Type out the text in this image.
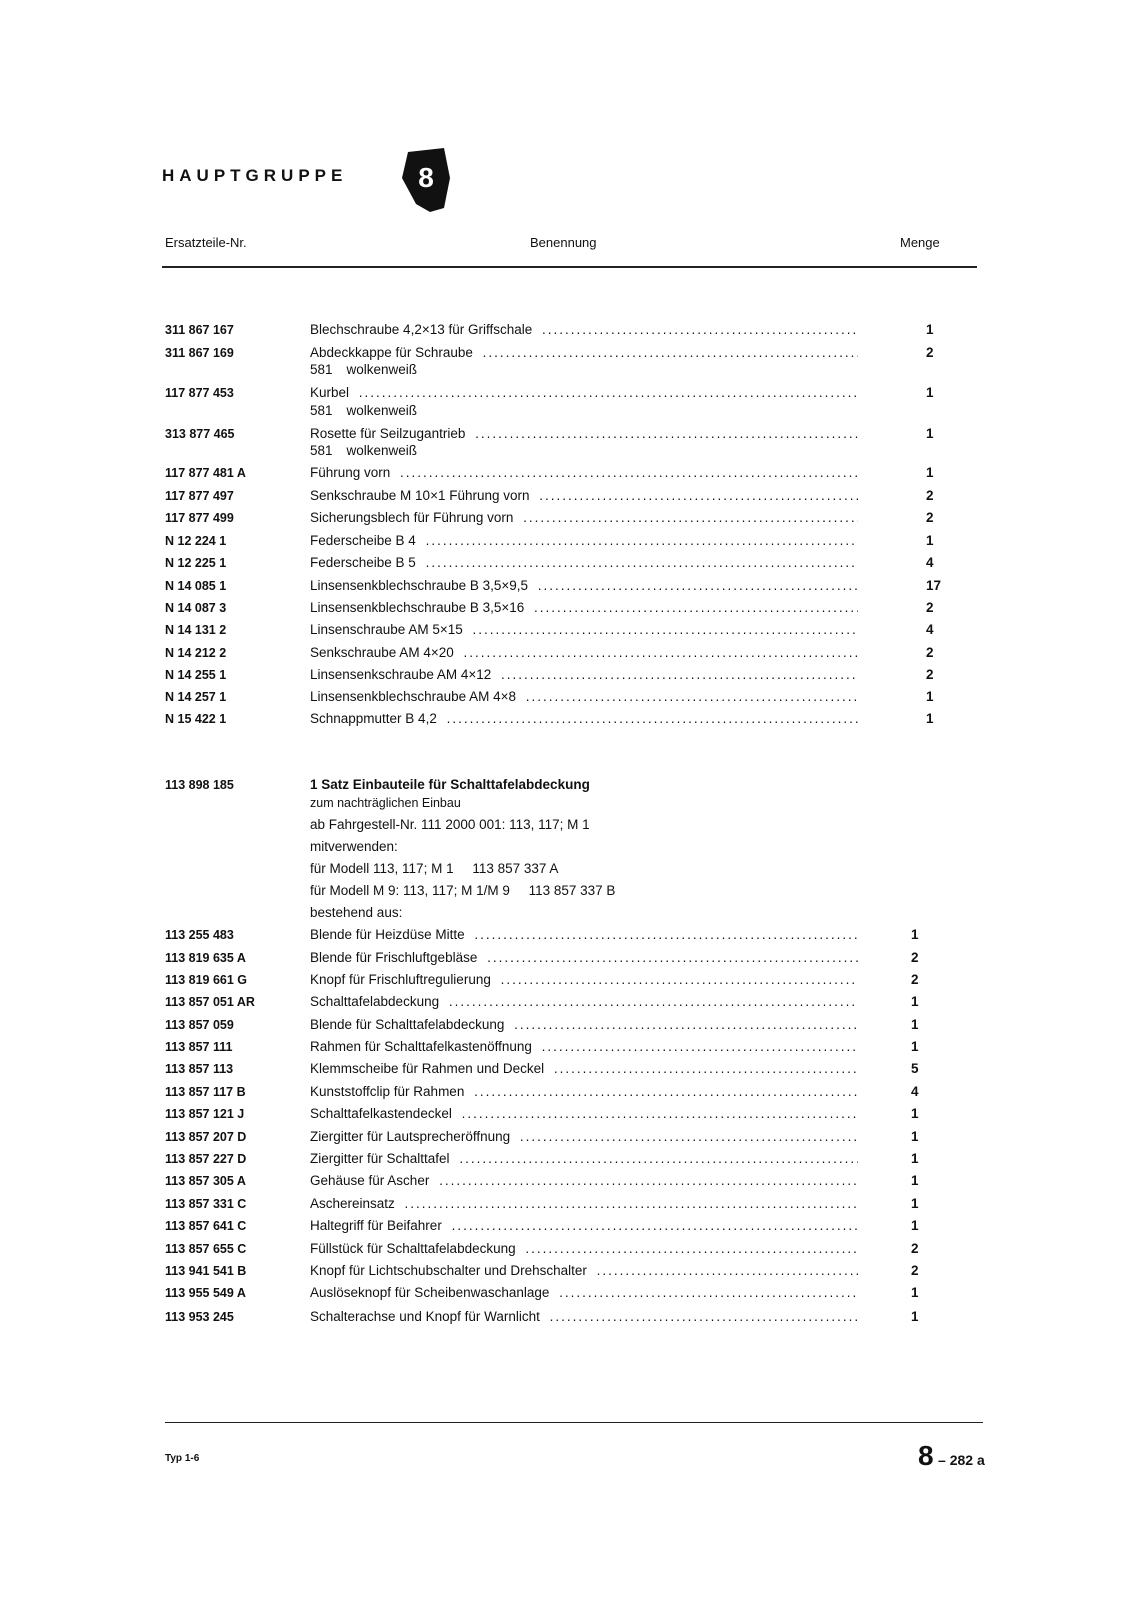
HAUPTGRUPPE	8
Ersatzteile-Nr.	Benennung	Menge
311 867 167	Blechschraube 4,2×13 für Griffschale .....	1
311 867 169	Abdeckkappe für Schraube .....	2
581 wolkenweiß
117 877 453	Kurbel .....	1
581 wolkenweiß
313 877 465	Rosette für Seilzugantrieb .....	1
581 wolkenweiß
117 877 481 A	Führung vorn .....	1
117 877 497	Senkschraube M 10×1 Führung vorn .....	2
117 877 499	Sicherungsblech für Führung vorn .....	2
N 12 224 1	Federscheibe B 4 .....	1
N 12 225 1	Federscheibe B 5 .....	4
N 14 085 1	Linsensenkblechschraube B 3,5×9,5 .....	17
N 14 087 3	Linsensenkblechschraube B 3,5×16 .....	2
N 14 131 2	Linsenschraube AM 5×15 .....	4
N 14 212 2	Senkschraube AM 4×20 .....	2
N 14 255 1	Linsensenkschraube AM 4×12 .....	2
N 14 257 1	Linsensenkblechschraube AM 4×8 .....	1
N 15 422 1	Schnappmutter B 4,2 .....	1
113 898 185	1 Satz Einbauteile für Schalttafelabdeckung
zum nachträglichen Einbau
ab Fahrgestell-Nr. 111 2000 001: 113, 117; M 1
mitverwenden:
für Modell 113, 117; M 1     113 857 337 A
für Modell M 9: 113, 117; M 1/M 9     113 857 337 B
bestehend aus:
113 255 483	Blende für Heizdüse Mitte .....	1
113 819 635 A	Blende für Frischluftgebläse .....	2
113 819 661 G	Knopf für Frischluftregulierung .....	2
113 857 051 AR	Schalttafelabdeckung .....	1
113 857 059	Blende für Schalttafelabdeckung .....	1
113 857 111	Rahmen für Schalttafelkastenöffnung .....	1
113 857 113	Klemmscheibe für Rahmen und Deckel .....	5
113 857 117 B	Kunststoffclip für Rahmen .....	4
113 857 121 J	Schalttafelkastendeckel .....	1
113 857 207 D	Ziergitter für Lautsprecheröffnung .....	1
113 857 227 D	Ziergitter für Schalttafel .....	1
113 857 305 A	Gehäuse für Ascher .....	1
113 857 331 C	Aschereinsatz .....	1
113 857 641 C	Haltegriff für Beifahrer .....	1
113 857 655 C	Füllstück für Schalttafelabdeckung .....	2
113 941 541 B	Knopf für Lichtschubschalter und Drehschalter .....	2
113 955 549 A	Auslöseknopf für Scheibenwaschanlage .....	1
113 953 245	Schalterachse und Knopf für Warnlicht .....	1
Typ 1-6	8 – 282 a
